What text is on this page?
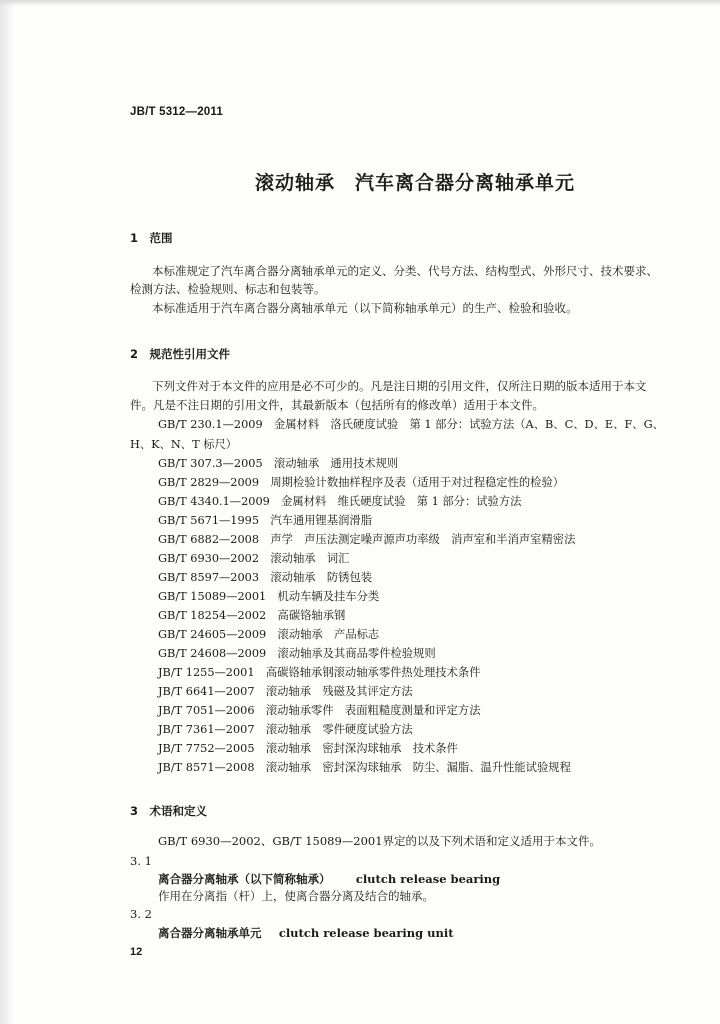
JB/T 5312—2011
滚动轴承　汽车离合器分离轴承单元
1　范围
本标准规定了汽车离合器分离轴承单元的定义、分类、代号方法、结构型式、外形尺寸、技术要求、
检测方法、检验规则、标志和包装等。
本标准适用于汽车离合器分离轴承单元（以下简称轴承单元）的生产、检验和验收。
2　规范性引用文件
下列文件对于本文件的应用是必不可少的。凡是注日期的引用文件，仅所注日期的版本适用于本文
件。凡是不注日期的引用文件，其最新版本（包括所有的修改单）适用于本文件。
GB/T 230.1—2009　金属材料　洛氏硬度试验　第 1 部分：试验方法（A、B、C、D、E、F、G、
H、K、N、T 标尺）
GB/T 307.3—2005　滚动轴承　通用技术规则
GB/T 2829—2009　周期检验计数抽样程序及表（适用于对过程稳定性的检验）
GB/T 4340.1—2009　金属材料　维氏硬度试验　第 1 部分：试验方法
GB/T 5671—1995　汽车通用锂基润滑脂
GB/T 6882—2008　声学　声压法测定噪声源声功率级　消声室和半消声室精密法
GB/T 6930—2002　滚动轴承　词汇
GB/T 8597—2003　滚动轴承　防锈包装
GB/T 15089—2001　机动车辆及挂车分类
GB/T 18254—2002　高碳铬轴承钢
GB/T 24605—2009　滚动轴承　产品标志
GB/T 24608—2009　滚动轴承及其商品零件检验规则
JB/T 1255—2001　高碳铬轴承钢滚动轴承零件热处理技术条件
JB/T 6641—2007　滚动轴承　残磁及其评定方法
JB/T 7051—2006　滚动轴承零件　表面粗糙度测量和评定方法
JB/T 7361—2007　滚动轴承　零件硬度试验方法
JB/T 7752—2005　滚动轴承　密封深沟球轴承　技术条件
JB/T 8571—2008　滚动轴承　密封深沟球轴承　防尘、漏脂、温升性能试验规程
3　术语和定义
GB/T 6930—2002、GB/T 15089—2001界定的以及下列术语和定义适用于本文件。
3. 1
离合器分离轴承（以下简称轴承） clutch release bearing
作用在分离指（杆）上，使离合器分离及结合的轴承。
3. 2
离合器分离轴承单元 clutch release bearing unit
12
